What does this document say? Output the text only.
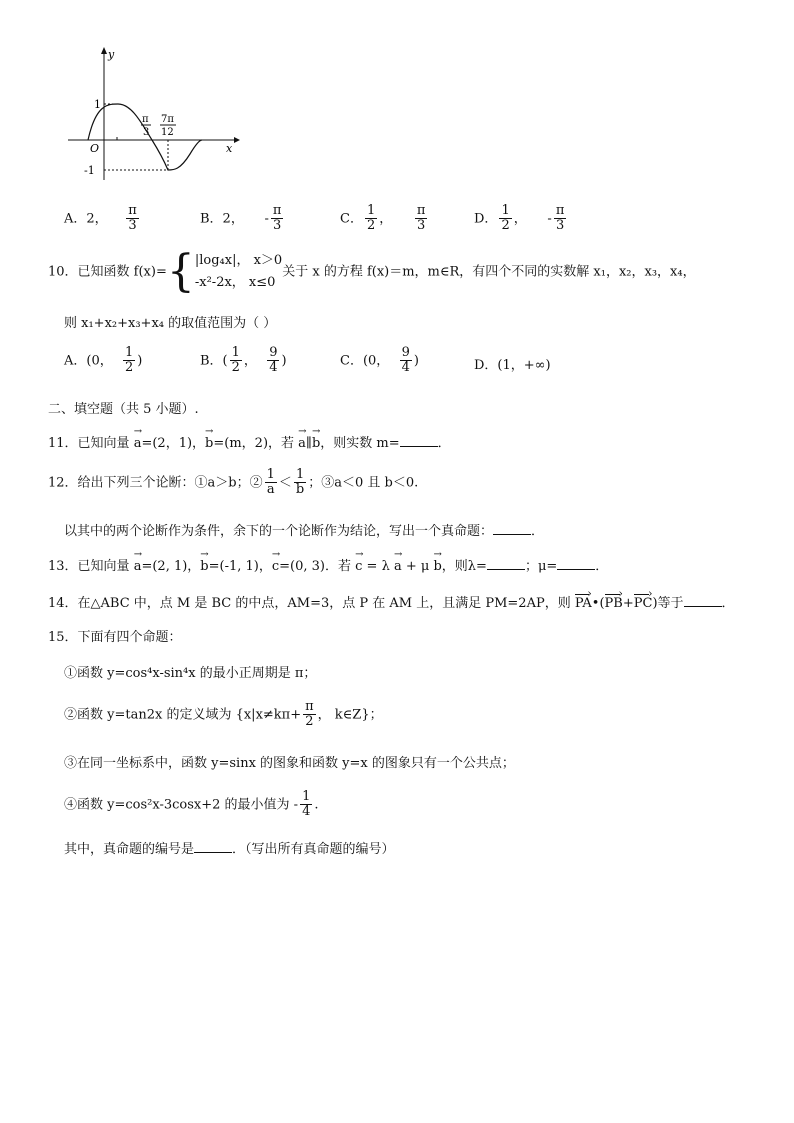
y
x
O
1
-1
π
3
7π
12
A．2， $\frac{\pi}{3}$	B．2， - $\frac{\pi}{3}$	C． $\frac{1}{2}$ ， $\frac{\pi}{3}$	D． $\frac{1}{2}$ ， - $\frac{\pi}{3}$
10．已知函数 f(x)={ |log₄x|， x＞0
-x²-2x， x≤0
关于 x 的方程 f(x)＝m，m∈R，有四个不同的实数解 x₁，x₂，x₃，x₄，
则 x₁+x₂+x₃+x₄ 的取值范围为（ ）
A．(0， $\frac{1}{2}$ )	B．( $\frac{1}{2}$ ， $\frac{9}{4}$ )	C．(0， $\frac{9}{4}$ )	D．(1，+∞)
二、填空题（共 5 小题）.
11．已知向量 → a=(2，1)，→ b=(m，2)，若 → a∥→ b，则实数 m=	．
12．给出下列三个论断：①a＞b；② $\frac{1}{a} < \frac{1}{b}$ ；③a＜0 且 b＜0.
以其中的两个论断作为条件，余下的一个论断作为结论，写出一个真命题：	．
13．已知向量 → a=(2, 1)，→ b=(-1, 1)，→ c=(0, 3)．若 → c = λ → a + μ → b，则λ=	；μ=	．
14．在△ABC 中，点 M 是 BC 的中点，AM=3，点 P 在 AM 上，且满足 PM=2AP，则 PA ›•(PB ›+PC ›)等于	．
15．下面有四个命题：
①函数 y=cos⁴x-sin⁴x 的最小正周期是 π；
②函数 y=tan2x 的定义域为 {$x|x\ne k\pi+ \frac{\pi}{2}$ ， k∈Z}；
③在同一坐标系中，函数 y=sinx 的图象和函数 y=x 的图象只有一个公共点；
④函数 y=cos²x-3cosx+2 的最小值为 - $\frac{1}{4}$ .
其中，真命题的编号是	．（写出所有真命题的编号）
